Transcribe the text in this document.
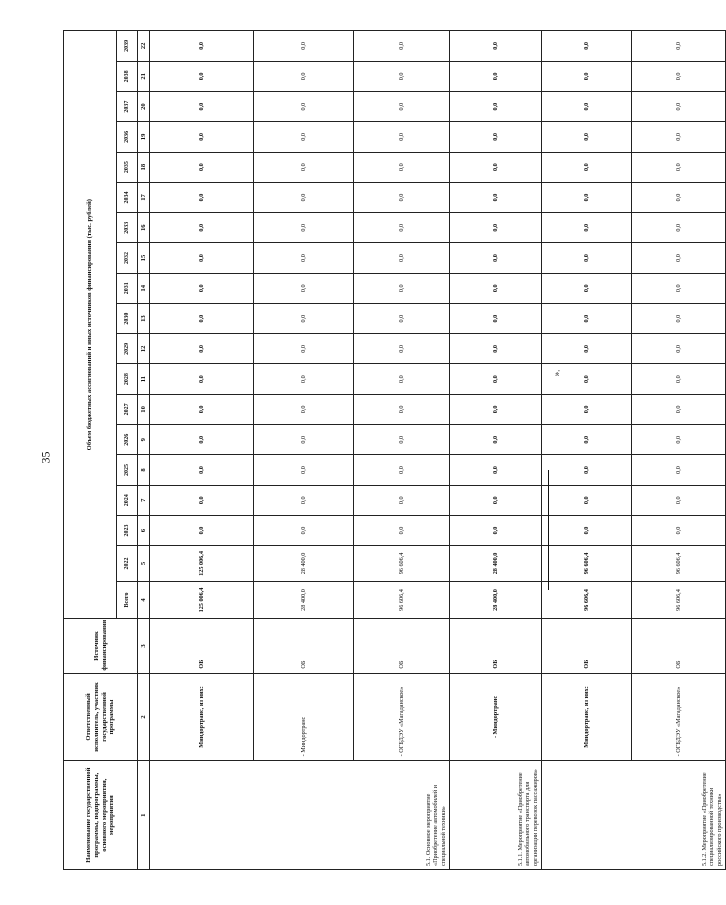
35
Наименование государственной программы, подпрограммы, основного мероприятия, мероприятия	Ответственный исполнитель, участник государственной программы	Источник финансирования	Объем бюджетных ассигнований и иных источников финансирования (тыс. рублей)																		
			Всего	2022	2023	2024	2025	2026	2027	2028	2029	2030	2031	2032	2033	2034	2035	2036	2037	2038	2039
1	2	3	4	5	6	7	8	9	10	11	12	13	14	15	16	17	18	19	20	21	22
5.1. Основное мероприятие «Приобретение автомобилей и специальной техники»	Миндортранс, из них:	ОБ	125 006,4	125 006,4	0,0	0,0	0,0	0,0	0,0	0,0	0,0	0,0	0,0	0,0	0,0	0,0	0,0	0,0	0,0	0,0	0,0
	- Миндортранс	ОБ	28 400,0	28 400,0	0,0	0,0	0,0	0,0	0,0	0,0	0,0	0,0	0,0	0,0	0,0	0,0	0,0	0,0	0,0	0,0	0,0
	- ОГБДЭУ «Магаданское»	ОБ	96 606,4	96 606,4	0,0	0,0	0,0	0,0	0,0	0,0	0,0	0,0	0,0	0,0	0,0	0,0	0,0	0,0	0,0	0,0	0,0
5.1.1. Мероприятие «Приобретение автомобильного транспорта для организации перевозок пассажиров»	- Миндортранс	ОБ	28 400,0	28 400,0	0,0	0,0	0,0	0,0	0,0	0,0	0,0	0,0	0,0	0,0	0,0	0,0	0,0	0,0	0,0	0,0	0,0
5.1.2. Мероприятие «Приобретение специализированной техники российского производства»	Миндортранс, из них:	ОБ	96 606,4	96 606,4	0,0	0,0	0,0	0,0	0,0	0,0	0,0	0,0	0,0	0,0	0,0	0,0	0,0	0,0	0,0	0,0	0,0
	- ОГБДЭУ «Магаданское»	ОБ	96 606,4	96 606,4	0,0	0,0	0,0	0,0	0,0	0,0	0,0	0,0	0,0	0,0	0,0	0,0	0,0	0,0	0,0	0,0	0,0
».
